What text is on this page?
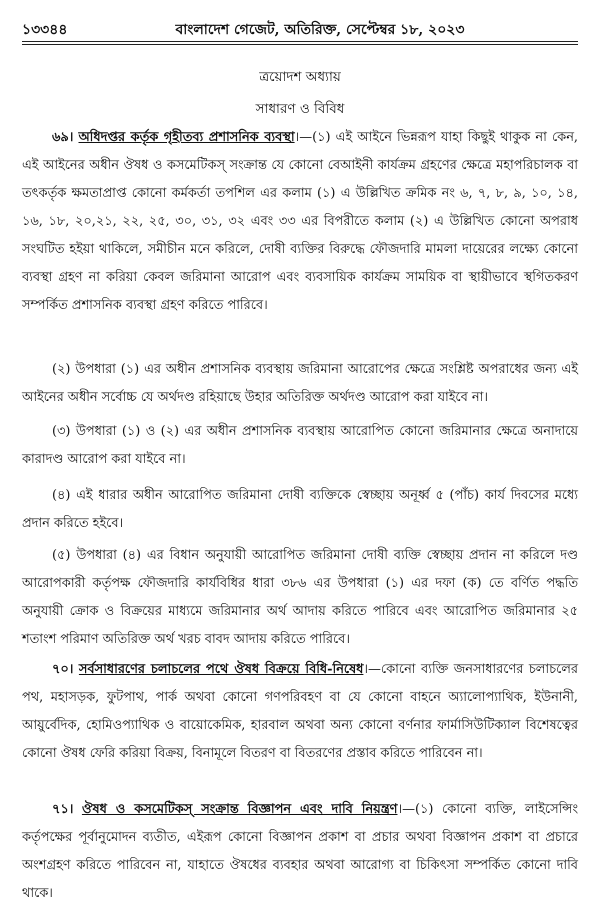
১৩৩৪৪	বাংলাদেশ গেজেট, অতিরিক্ত, সেপ্টেম্বর ১৮, ২০২৩
ত্রয়োদশ অধ্যায়
সাধারণ ও বিবিধ

৬৯। অধিদপ্তর কর্তৃক গৃহীতব্য প্রশাসনিক ব্যবস্থা।—(১) এই আইনে ভিন্নরূপ যাহা কিছুই থাকুক না কেন, এই আইনের অধীন ঔষধ ও কসমেটিকস্‌ সংক্রান্ত যে কোনো বেআইনী কার্যক্রম গ্রহণের ক্ষেত্রে মহাপরিচালক বা তৎকর্তৃক ক্ষমতাপ্রাপ্ত কোনো কর্মকর্তা তপশিল এর কলাম (১) এ উল্লিখিত ক্রমিক নং ৬, ৭, ৮, ৯, ১০, ১৪, ১৬, ১৮, ২০,২১, ২২, ২৫, ৩০, ৩১, ৩২ এবং ৩৩ এর বিপরীতে কলাম (২) এ উল্লিখিত কোনো অপরাধ সংঘটিত হইয়া থাকিলে, সমীচীন মনে করিলে, দোষী ব্যক্তির বিরুদ্ধে ফৌজদারি মামলা দায়েরের লক্ষ্যে কোনো ব্যবস্থা গ্রহণ না করিয়া কেবল জরিমানা আরোপ এবং ব্যবসায়িক কার্যক্রম সাময়িক বা স্থায়ীভাবে স্থগিতকরণ সম্পর্কিত প্রশাসনিক ব্যবস্থা গ্রহণ করিতে পারিবে।

(২) উপধারা (১) এর অধীন প্রশাসনিক ব্যবস্থায় জরিমানা আরোপের ক্ষেত্রে সংশ্লিষ্ট অপরাধের জন্য এই আইনের অধীন সর্বোচ্চ যে অর্থদণ্ড রহিয়াছে উহার অতিরিক্ত অর্থদণ্ড আরোপ করা যাইবে না।

(৩) উপধারা (১) ও (২) এর অধীন প্রশাসনিক ব্যবস্থায় আরোপিত কোনো জরিমানার ক্ষেত্রে অনাদায়ে কারাদণ্ড আরোপ করা যাইবে না।

(৪) এই ধারার অধীন আরোপিত জরিমানা দোষী ব্যক্তিকে স্বেচ্ছায় অনূর্ধ্ব ৫ (পাঁচ) কার্য দিবসের মধ্যে প্রদান করিতে হইবে।

(৫) উপধারা (৪) এর বিধান অনুযায়ী আরোপিত জরিমানা দোষী ব্যক্তি স্বেচ্ছায় প্রদান না করিলে দণ্ড আরোপকারী কর্তৃপক্ষ ফৌজদারি কার্যবিধির ধারা ৩৮৬ এর উপধারা (১) এর দফা (ক) তে বর্ণিত পদ্ধতি অনুযায়ী ক্রোক ও বিক্রয়ের মাধ্যমে জরিমানার অর্থ আদায় করিতে পারিবে এবং আরোপিত জরিমানার ২৫ শতাংশ পরিমাণ অতিরিক্ত অর্থ খরচ বাবদ আদায় করিতে পারিবে।

৭০। সর্বসাধারণের চলাচলের পথে ঔষধ বিক্রয়ে বিধি-নিষেধ।—কোনো ব্যক্তি জনসাধারণের চলাচলের পথ, মহাসড়ক, ফুটপাথ, পার্ক অথবা কোনো গণপরিবহণ বা যে কোনো বাহনে অ্যালোপ্যাথিক, ইউনানী, আয়ুর্বেদিক, হোমিওপ্যাথিক ও বায়োকেমিক, হারবাল অথবা অন্য কোনো বর্ণনার ফার্মাসিউটিক্যাল বিশেষত্বের কোনো ঔষধ ফেরি করিয়া বিক্রয়, বিনামূলে বিতরণ বা বিতরণের প্রস্তাব করিতে পারিবেন না।

৭১। ঔষধ ও কসমেটিকস্‌ সংক্রান্ত বিজ্ঞাপন এবং দাবি নিয়ন্ত্রণ।—(১) কোনো ব্যক্তি, লাইসেন্সিং কর্তৃপক্ষের পূর্বানুমোদন ব্যতীত, এইরূপ কোনো বিজ্ঞাপন প্রকাশ বা প্রচার অথবা বিজ্ঞাপন প্রকাশ বা প্রচারে অংশগ্রহণ করিতে পারিবেন না, যাহাতে ঔষধের ব্যবহার অথবা আরোগ্য বা চিকিৎসা সম্পর্কিত কোনো দাবি থাকে।
